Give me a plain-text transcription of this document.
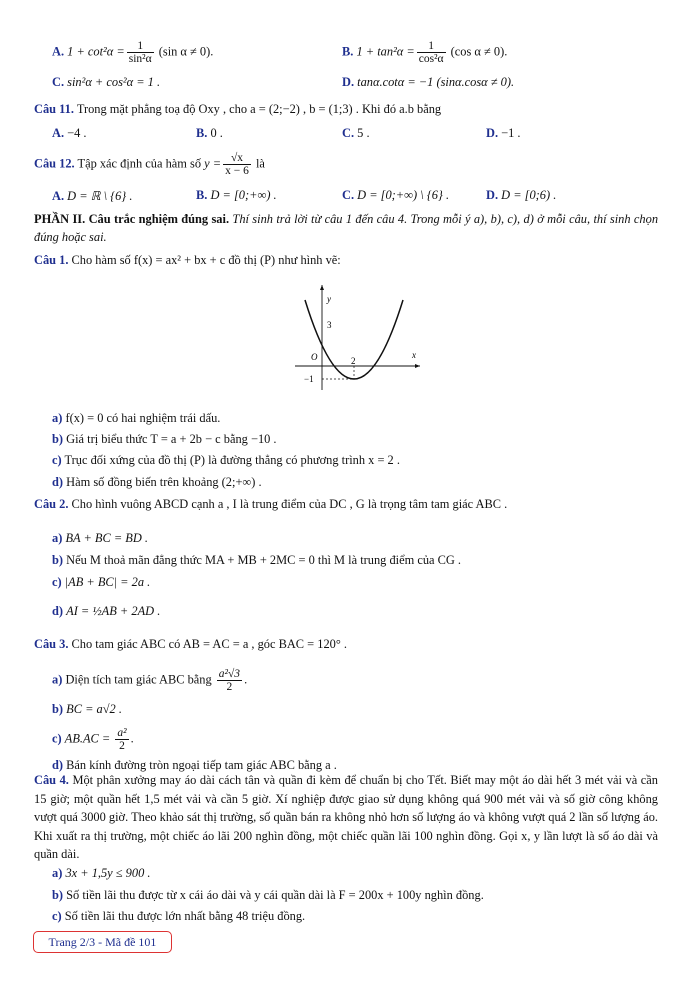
A. $1 + \cot^2\alpha = \frac{1}{\text{sin²α}} (\sin$ α ≠ 0).	B. $1 + \tan^2\alpha = \frac{1}{\text{cos²α}} (\cos$ α ≠ 0).
C. sin²α + cos²α = 1 .	D. tanα.cotα = −1 (sinα.cosα ≠ 0).
Câu 11. Trong mặt phẳng toạ độ Oxy , cho a = (2;−2) , b = (1;3) . Khi đó a.b bằng
A. −4 .	B. 0 .	C. 5 .	D. −1 .
Câu 12. Tập xác định của hàm số $y = \frac{√x}{x - 6}$ là
A. D = ℝ \ {6} .	B. D = [0;+∞) .	C. D = [0;+∞) \ {6} .	D. D = [0;6) .
PHẦN II. Câu trắc nghiệm đúng sai. Thí sinh trả lời từ câu 1 đến câu 4. Trong mỗi ý a), b), c), d) ở mỗi câu, thí sinh chọn đúng hoặc sai.
Câu 1. Cho hàm số f(x) = ax² + bx + c đồ thị (P) như hình vẽ:
y
x
O
3
2
−1
a) f(x) = 0 có hai nghiệm trái dấu.
b) Giá trị biểu thức T = a + 2b − c bằng −10 .
c) Trục đối xứng của đồ thị (P) là đường thẳng có phương trình x = 2 .
d) Hàm số đồng biến trên khoảng (2;+∞) .
Câu 2. Cho hình vuông ABCD cạnh a , I là trung điểm của DC , G là trọng tâm tam giác ABC .
a) BA + BC = BD .
b) Nếu M thoả mãn đẳng thức MA + MB + 2MC = 0 thì M là trung điểm của CG .
c) |AB + BC| = 2a .
d) AI = ½AB + 2AD .
Câu 3. Cho tam giác ABC có AB = AC = a , góc BAC = 120° .
a) Diện tích tam giác ABC bằng $\frac{\text{a²√3}}{2}$ .
b) BC = a√2 .
c) $AB.AC = \frac{\text{a²}}{2}$ .
d) Bán kính đường tròn ngoại tiếp tam giác ABC bằng a .
Câu 4. Một phân xưởng may áo dài cách tân và quần đi kèm để chuẩn bị cho Tết. Biết may một áo dài hết 3 mét vải và cần 15 giờ; một quần hết 1,5 mét vải và cần 5 giờ. Xí nghiệp được giao sử dụng không quá 900 mét vải và số giờ công không vượt quá 3000 giờ. Theo khảo sát thị trường, số quần bán ra không nhỏ hơn số lượng áo và không vượt quá 2 lần số lượng áo. Khi xuất ra thị trường, một chiếc áo lãi 200 nghìn đồng, một chiếc quần lãi 100 nghìn đồng. Gọi x, y lần lượt là số áo dài và quần dài.
a) 3x + 1,5y ≤ 900 .
b) Số tiền lãi thu được từ x cái áo dài và y cái quần dài là F = 200x + 100y nghìn đồng.
c) Số tiền lãi thu được lớn nhất bằng 48 triệu đồng.
Trang 2/3 - Mã đề 101
